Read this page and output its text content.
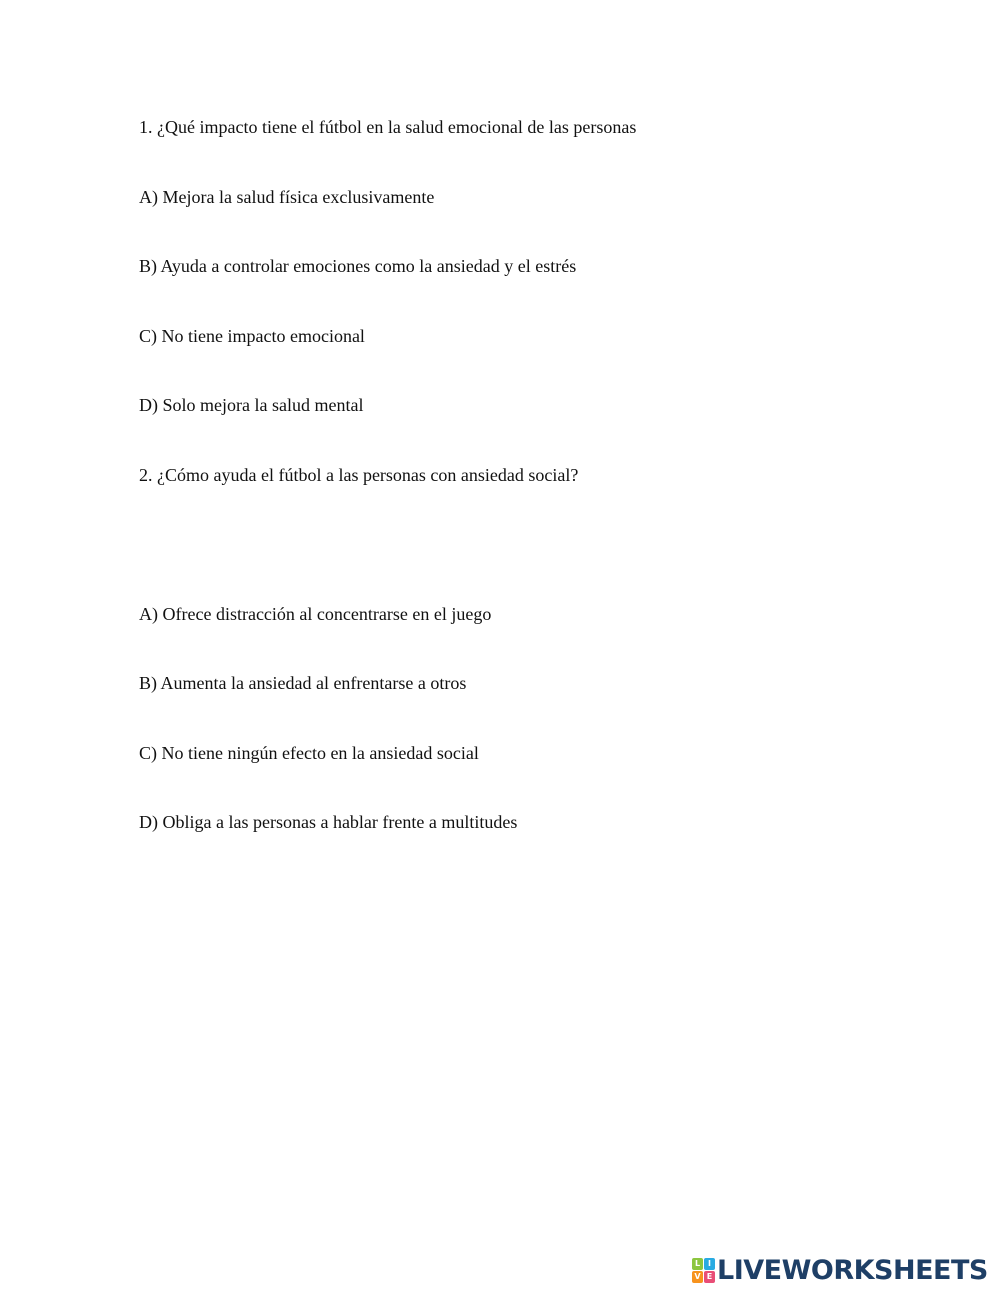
1. ¿Qué impacto tiene el fútbol en la salud emocional de las personas
A) Mejora la salud física exclusivamente
B) Ayuda a controlar emociones como la ansiedad y el estrés
C) No tiene impacto emocional
D) Solo mejora la salud mental
2. ¿Cómo ayuda el fútbol a las personas con ansiedad social?
A) Ofrece distracción al concentrarse en el juego
B) Aumenta la ansiedad al enfrentarse a otros
C) No tiene ningún efecto en la ansiedad social
D) Obliga a las personas a hablar frente a multitudes
L I
V E LIVEWORKSHEETS
